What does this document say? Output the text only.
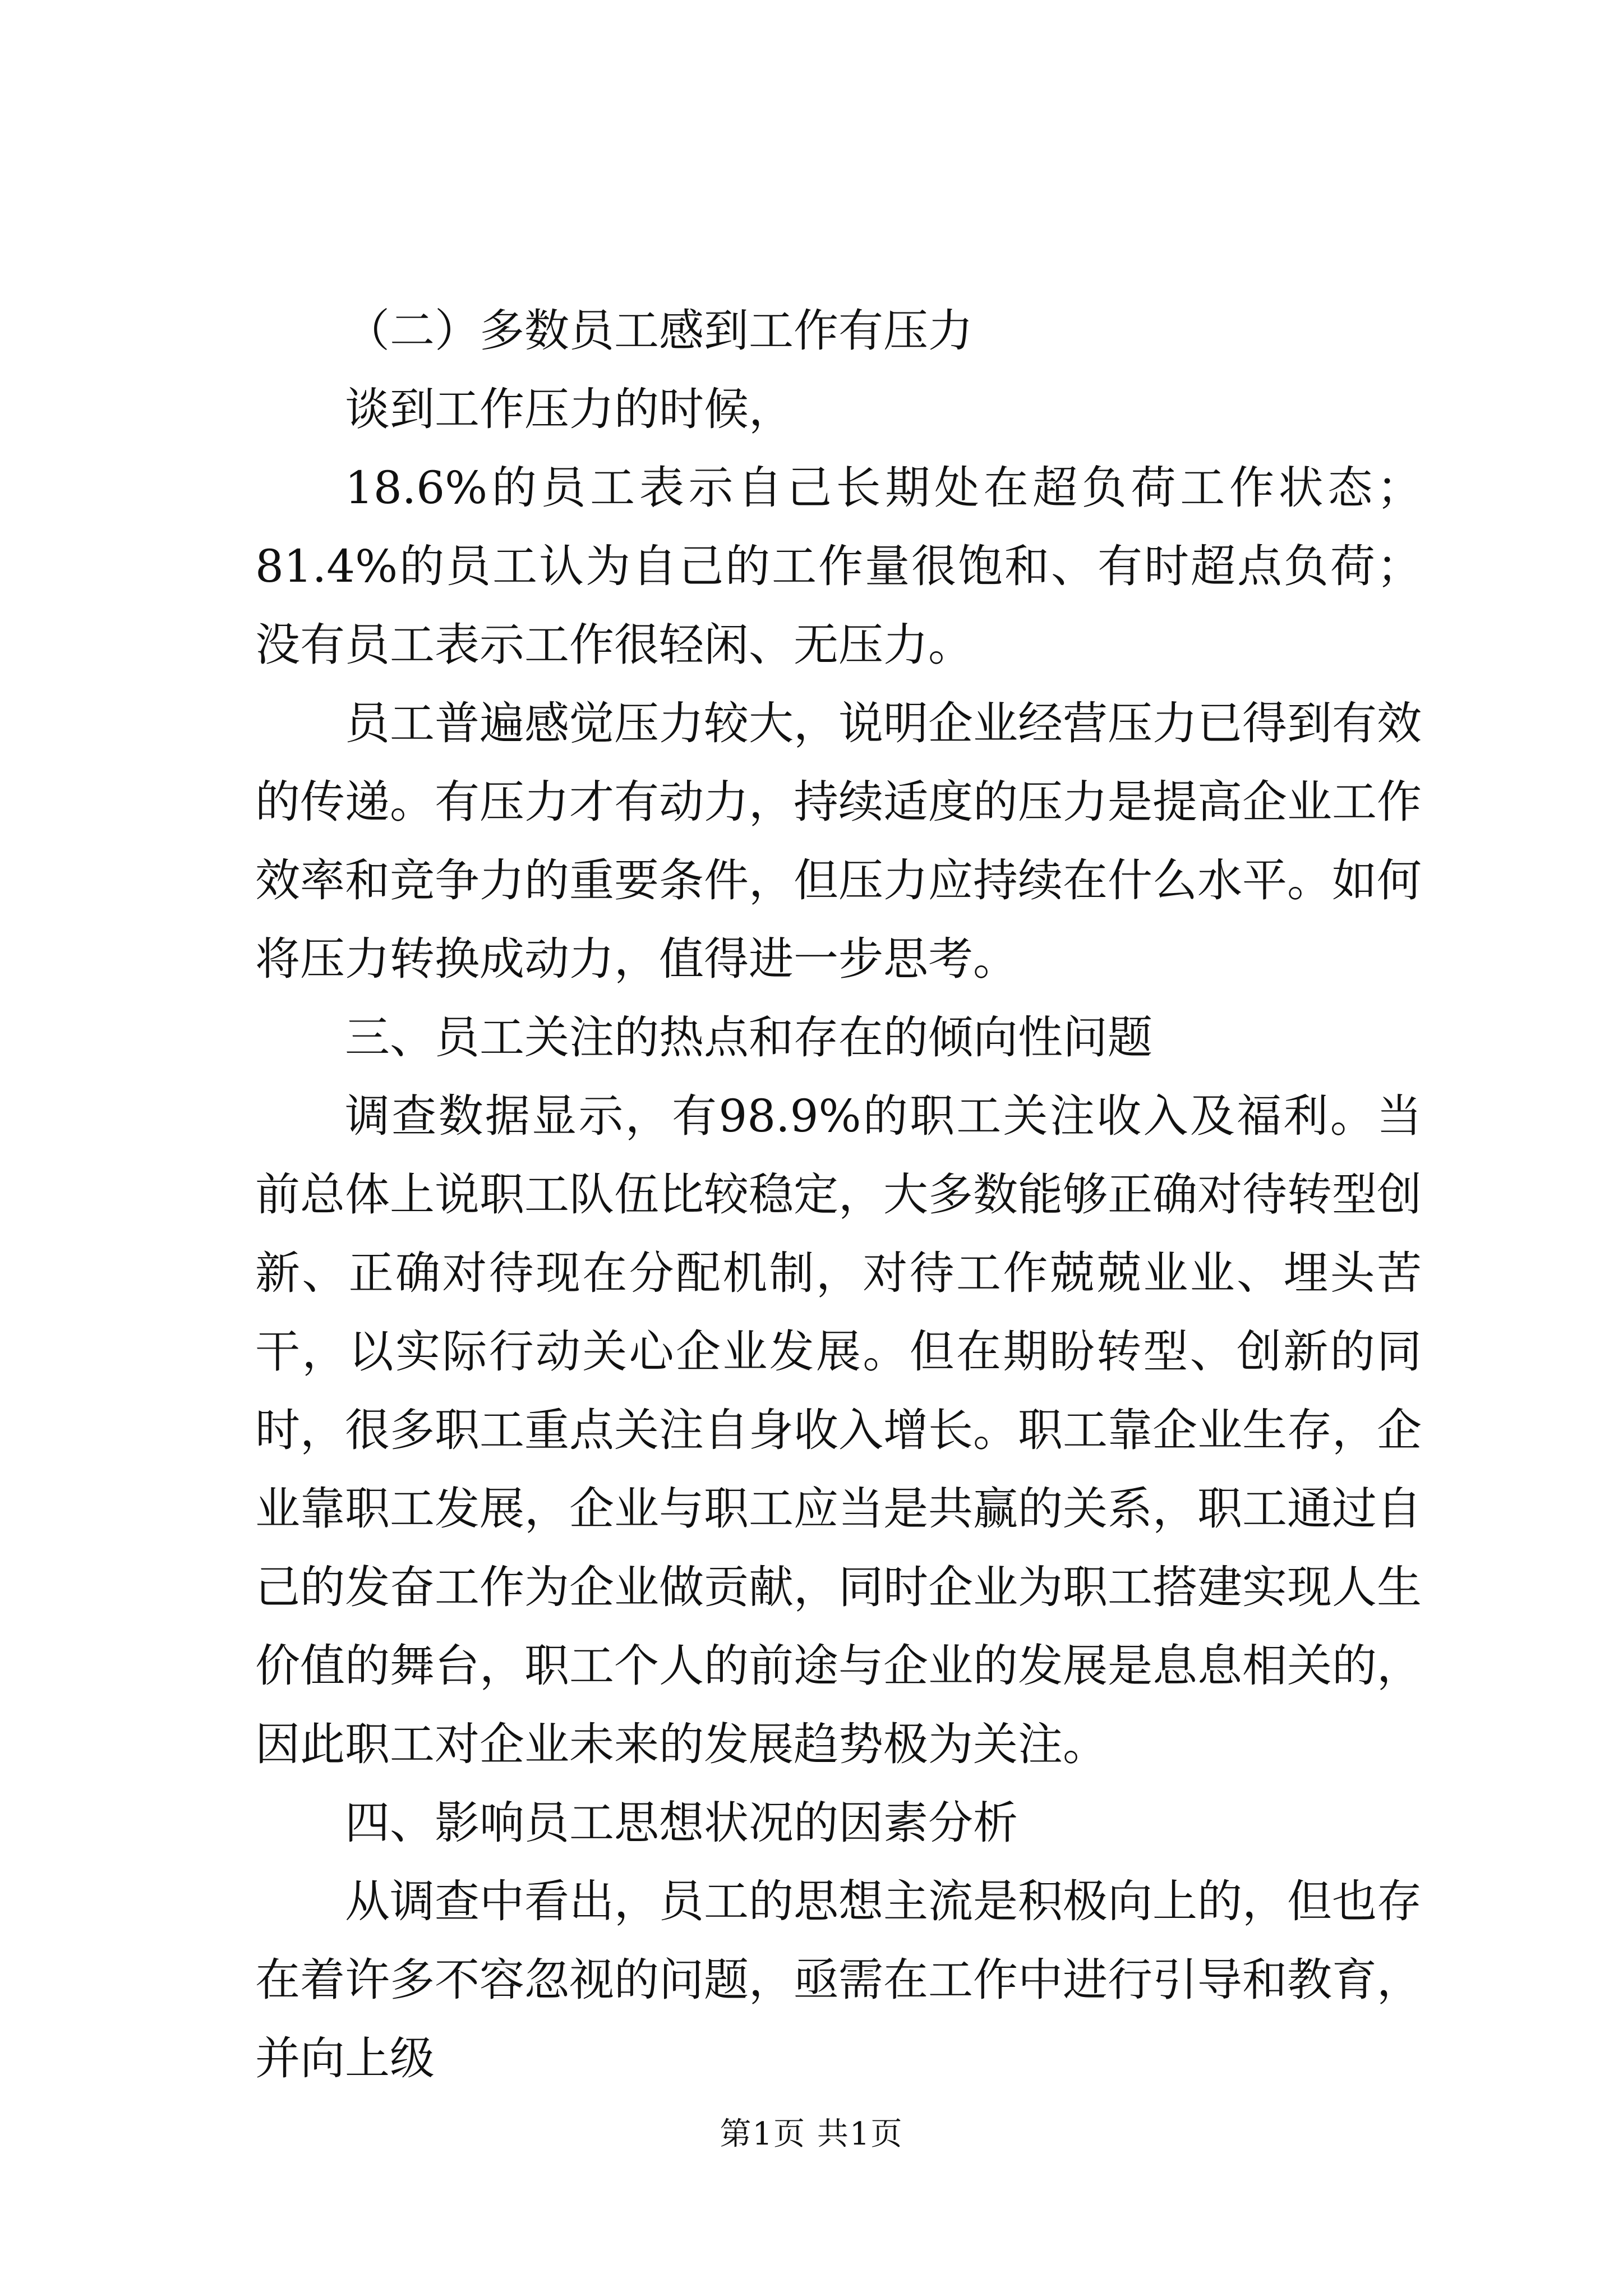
（二）多数员工感到工作有压力

谈到工作压力的时候，

18.6%的员工表示自己长期处在超负荷工作状态；81.4%的员工认为自己的工作量很饱和、有时超点负荷；没有员工表示工作很轻闲、无压力。

员工普遍感觉压力较大，说明企业经营压力已得到有效的传递。有压力才有动力，持续适度的压力是提高企业工作效率和竞争力的重要条件，但压力应持续在什么水平。如何将压力转换成动力，值得进一步思考。

三、员工关注的热点和存在的倾向性问题

调查数据显示，有98.9%的职工关注收入及福利。当前总体上说职工队伍比较稳定，大多数能够正确对待转型创新、正确对待现在分配机制，对待工作兢兢业业、埋头苦干，以实际行动关心企业发展。但在期盼转型、创新的同时，很多职工重点关注自身收入增长。职工靠企业生存，企业靠职工发展，企业与职工应当是共赢的关系，职工通过自己的发奋工作为企业做贡献，同时企业为职工搭建实现人生价值的舞台，职工个人的前途与企业的发展是息息相关的，因此职工对企业未来的发展趋势极为关注。

四、影响员工思想状况的因素分析

从调查中看出，员工的思想主流是积极向上的，但也存在着许多不容忽视的问题，亟需在工作中进行引导和教育，并向上级

第1页 共1页
